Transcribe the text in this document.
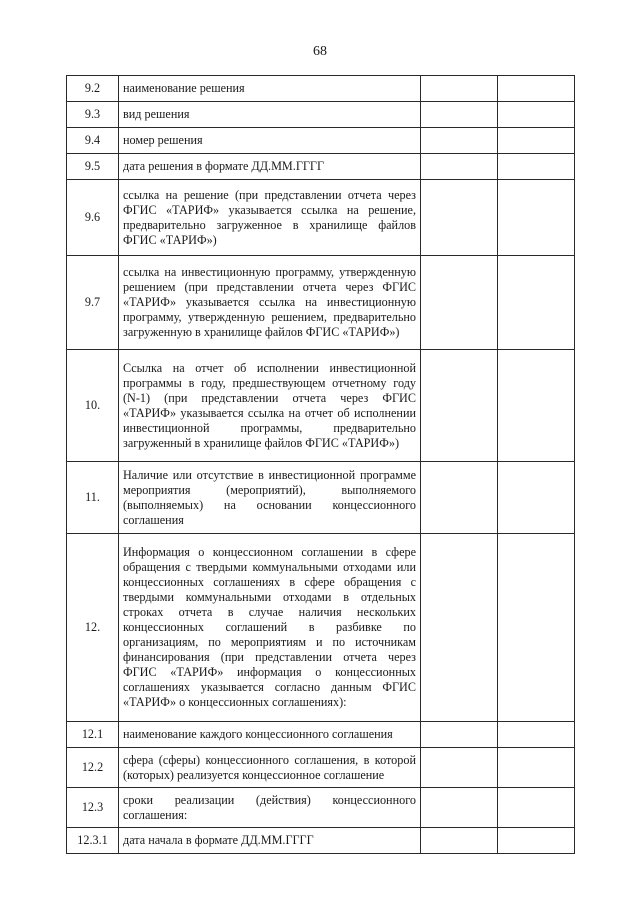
68
9.2	наименование решения		
9.3	вид решения		
9.4	номер решения		
9.5	дата решения в формате ДД.ММ.ГГГГ		
9.6	ссылка на решение (при представлении отчета через ФГИС «ТАРИФ» указывается ссылка на решение, предварительно загруженное в хранилище файлов ФГИС «ТАРИФ»)		
9.7	ссылка на инвестиционную программу, утвержденную решением (при представлении отчета через ФГИС «ТАРИФ» указывается ссылка на инвестиционную программу, утвержденную решением, предварительно загруженную в хранилище файлов ФГИС «ТАРИФ»)		
10.	Ссылка на отчет об исполнении инвестиционной программы в году, предшествующем отчетному году (N-1) (при представлении отчета через ФГИС «ТАРИФ» указывается ссылка на отчет об исполнении инвестиционной программы, предварительно загруженный в хранилище файлов ФГИС «ТАРИФ»)		
11.	Наличие или отсутствие в инвестиционной программе мероприятия (мероприятий), выполняемого (выполняемых) на основании концессионного соглашения		
12.	Информация о концессионном соглашении в сфере обращения с твердыми коммунальными отходами или концессионных соглашениях в сфере обращения с твердыми коммунальными отходами в отдельных строках отчета в случае наличия нескольких концессионных соглашений в разбивке по организациям, по мероприятиям и по источникам финансирования (при представлении отчета через ФГИС «ТАРИФ» информация о концессионных соглашениях указывается согласно данным ФГИС «ТАРИФ» о концессионных соглашениях):		
12.1	наименование каждого концессионного соглашения		
12.2	сфера (сферы) концессионного соглашения, в которой (которых) реализуется концессионное соглашение		
12.3	сроки реализации (действия) концессионного соглашения:		
12.3.1	дата начала в формате ДД.ММ.ГГГГ		
